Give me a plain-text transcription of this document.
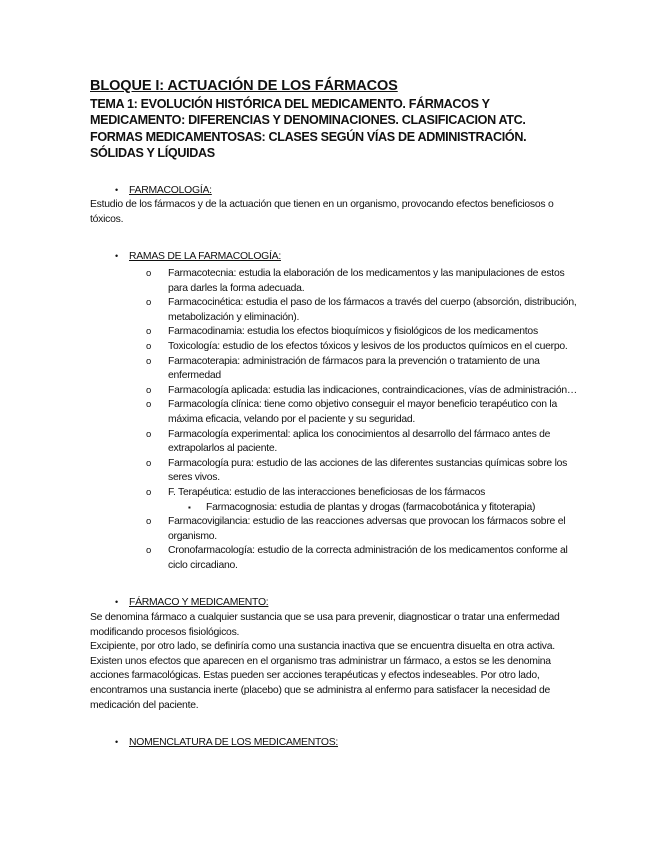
BLOQUE I: ACTUACIÓN DE LOS FÁRMACOS
TEMA 1: EVOLUCIÓN HISTÓRICA DEL MEDICAMENTO. FÁRMACOS Y MEDICAMENTO: DIFERENCIAS Y DENOMINACIONES. CLASIFICACION ATC. FORMAS MEDICAMENTOSAS: CLASES SEGÚN VÍAS DE ADMINISTRACIÓN. SÓLIDAS Y LÍQUIDAS
•	FARMACOLOGÍA:

Estudio de los fármacos y de la actuación que tienen en un organismo, provocando efectos beneficiosos o tóxicos.

•	RAMAS DE LA FARMACOLOGÍA:
o Farmacotecnia: estudia la elaboración de los medicamentos y las manipulaciones de estos para darles la forma adecuada.
o Farmacocinética: estudia el paso de los fármacos a través del cuerpo (absorción, distribución, metabolización y eliminación).
o Farmacodinamia: estudia los efectos bioquímicos y fisiológicos de los medicamentos
o Toxicología: estudio de los efectos tóxicos y lesivos de los productos químicos en el cuerpo.
o Farmacoterapia: administración de fármacos para la prevención o tratamiento de una enfermedad
o Farmacología aplicada: estudia las indicaciones, contraindicaciones, vías de administración…
o Farmacología clínica: tiene como objetivo conseguir el mayor beneficio terapéutico con la máxima eficacia, velando por el paciente y su seguridad.
o Farmacología experimental: aplica los conocimientos al desarrollo del fármaco antes de extrapolarlos al paciente.
o Farmacología pura: estudio de las acciones de las diferentes sustancias químicas sobre los seres vivos.
o F. Terapéutica: estudio de las interacciones beneficiosas de los fármacos
▪ Farmacognosia: estudia de plantas y drogas (farmacobotánica y fitoterapia)
o Farmacovigilancia: estudio de las reacciones adversas que provocan los fármacos sobre el organismo.
o Cronofarmacología: estudio de la correcta administración de los medicamentos conforme al ciclo circadiano.
•	FÁRMACO Y MEDICAMENTO:

Se denomina fármaco a cualquier sustancia que se usa para prevenir, diagnosticar o tratar una enfermedad modificando procesos fisiológicos.

Excipiente, por otro lado, se definiría como una sustancia inactiva que se encuentra disuelta en otra activa.

Existen unos efectos que aparecen en el organismo tras administrar un fármaco, a estos se les denomina acciones farmacológicas. Estas pueden ser acciones terapéuticas y efectos indeseables. Por otro lado, encontramos una sustancia inerte (placebo) que se administra al enfermo para satisfacer la necesidad de medicación del paciente.

•	NOMENCLATURA DE LOS MEDICAMENTOS:
